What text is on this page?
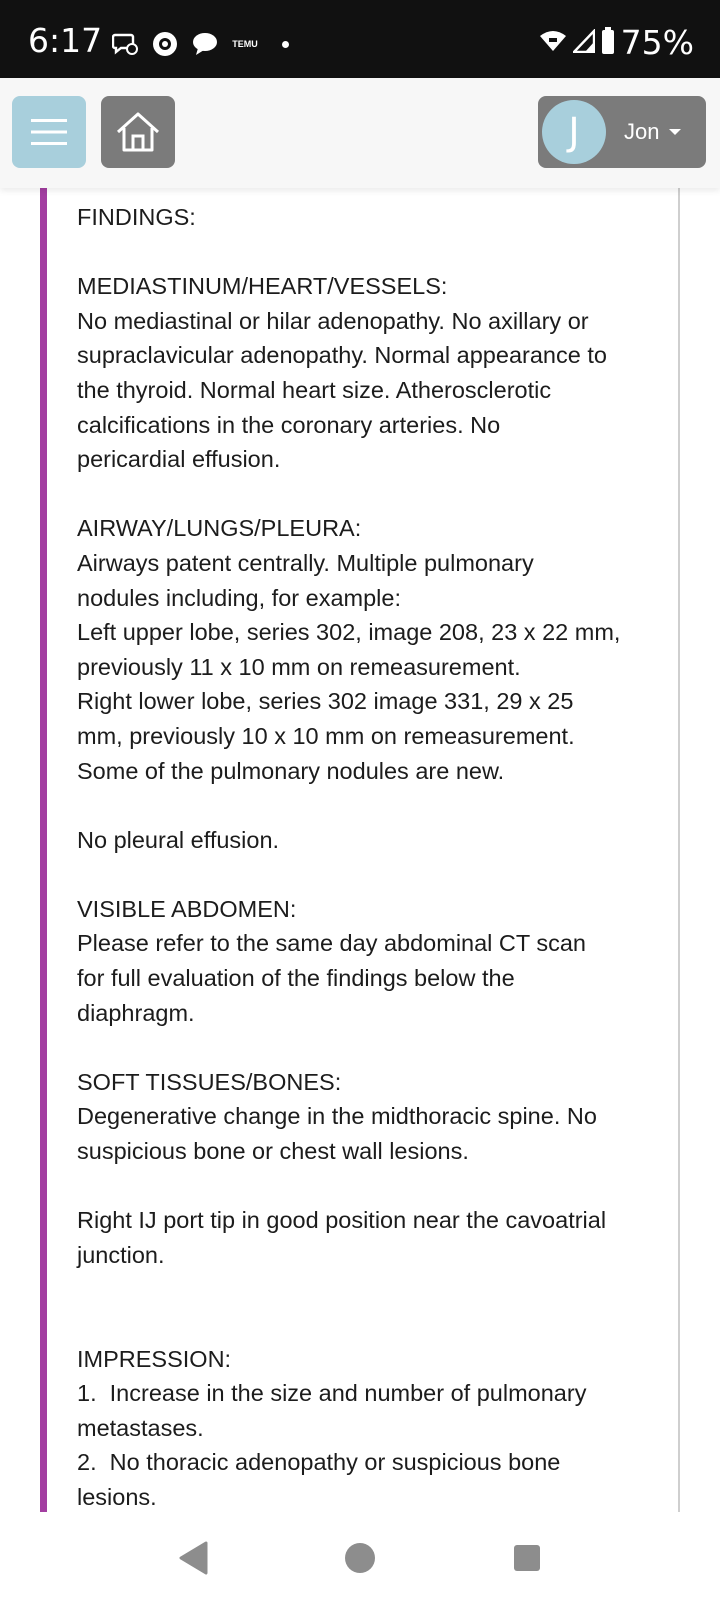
6:17	TEMU	75%
J Jon

FINDINGS:

MEDIASTINUM/HEART/VESSELS:
No mediastinal or hilar adenopathy. No axillary or
supraclavicular adenopathy. Normal appearance to
the thyroid. Normal heart size. Atherosclerotic
calcifications in the coronary arteries. No
pericardial effusion.

AIRWAY/LUNGS/PLEURA:
Airways patent centrally. Multiple pulmonary
nodules including, for example:
Left upper lobe, series 302, image 208, 23 x 22 mm,
previously 11 x 10 mm on remeasurement.
Right lower lobe, series 302 image 331, 29 x 25
mm, previously 10 x 10 mm on remeasurement.
Some of the pulmonary nodules are new.

No pleural effusion.

VISIBLE ABDOMEN:
Please refer to the same day abdominal CT scan
for full evaluation of the findings below the
diaphragm.

SOFT TISSUES/BONES:
Degenerative change in the midthoracic spine. No
suspicious bone or chest wall lesions.

Right IJ port tip in good position near the cavoatrial
junction.

IMPRESSION:
1.  Increase in the size and number of pulmonary
metastases.
2.  No thoracic adenopathy or suspicious bone
lesions.
